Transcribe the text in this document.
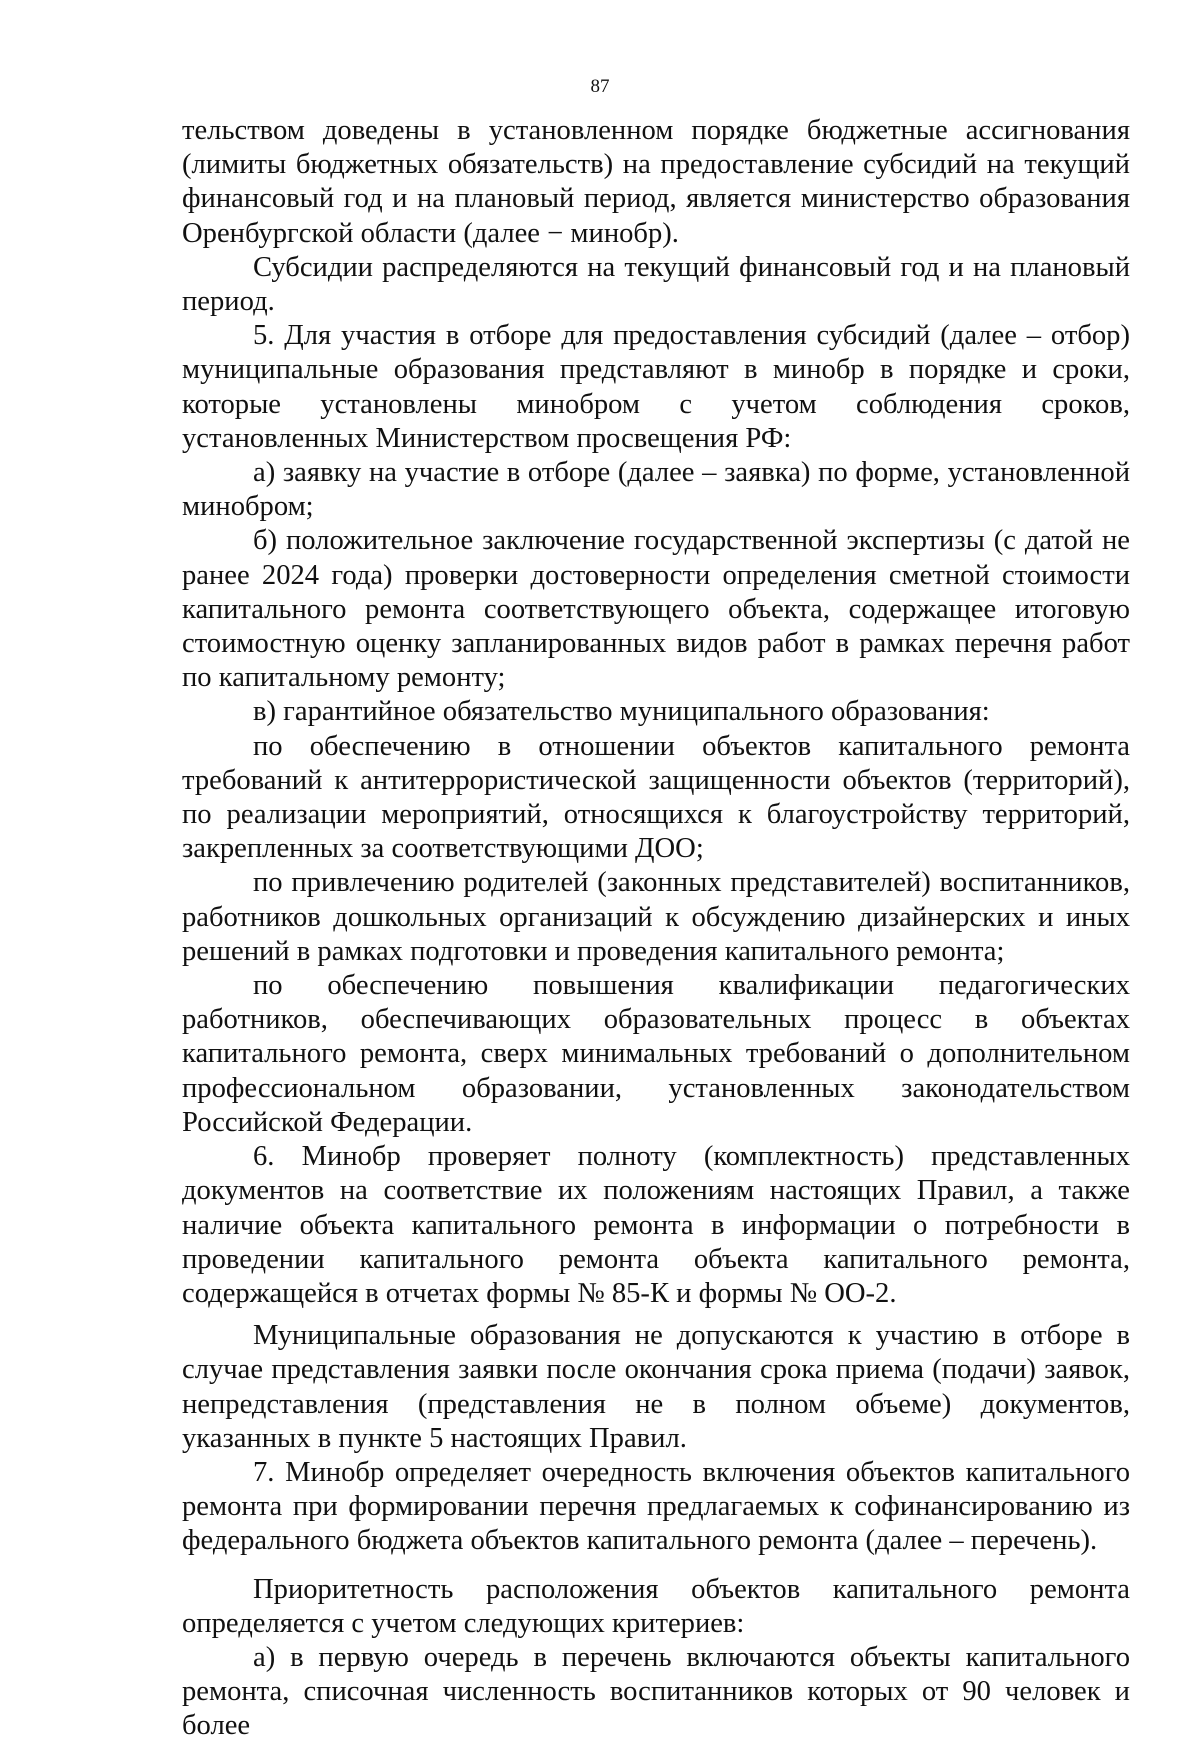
87

тельством доведены в установленном порядке бюджетные ассигнования (лимиты бюджетных обязательств) на предоставление субсидий на текущий финансовый год и на плановый период, является министерство образования Оренбургской области (далее − минобр).

Субсидии распределяются на текущий финансовый год и на плановый период.

5. Для участия в отборе для предоставления субсидий (далее – отбор) муниципальные образования представляют в минобр в порядке и сроки, которые установлены минобром с учетом соблюдения сроков, установленных Министерством просвещения РФ:

а) заявку на участие в отборе (далее – заявка) по форме, установленной минобром;

б) положительное заключение государственной экспертизы (с датой не ранее 2024 года) проверки достоверности определения сметной стоимости капитального ремонта соответствующего объекта, содержащее итоговую стоимостную оценку запланированных видов работ в рамках перечня работ по капитальному ремонту;

в) гарантийное обязательство муниципального образования:

по обеспечению в отношении объектов капитального ремонта требований к антитеррористической защищенности объектов (территорий), по реализации мероприятий, относящихся к благоустройству территорий, закрепленных за соответствующими ДОО;

по привлечению родителей (законных представителей) воспитанников, работников дошкольных организаций к обсуждению дизайнерских и иных решений в рамках подготовки и проведения капитального ремонта;

по обеспечению повышения квалификации педагогических работников, обеспечивающих образовательных процесс в объектах капитального ремонта, сверх минимальных требований о дополнительном профессиональном образовании, установленных законодательством Российской Федерации.

6. Минобр проверяет полноту (комплектность) представленных документов на соответствие их положениям настоящих Правил, а также наличие объекта капитального ремонта в информации о потребности в проведении капитального ремонта объекта капитального ремонта, содержащейся в отчетах формы № 85-К и формы № ОО-2.

Муниципальные образования не допускаются к участию в отборе в случае представления заявки после окончания срока приема (подачи) заявок, непредставления (представления не в полном объеме) документов, указанных в пункте 5 настоящих Правил.

7. Минобр определяет очередность включения объектов капитального ремонта при формировании перечня предлагаемых к софинансированию из федерального бюджета объектов капитального ремонта (далее – перечень).

Приоритетность расположения объектов капитального ремонта определяется с учетом следующих критериев:

а) в первую очередь в перечень включаются объекты капитального ремонта, списочная численность воспитанников которых от 90 человек и более
